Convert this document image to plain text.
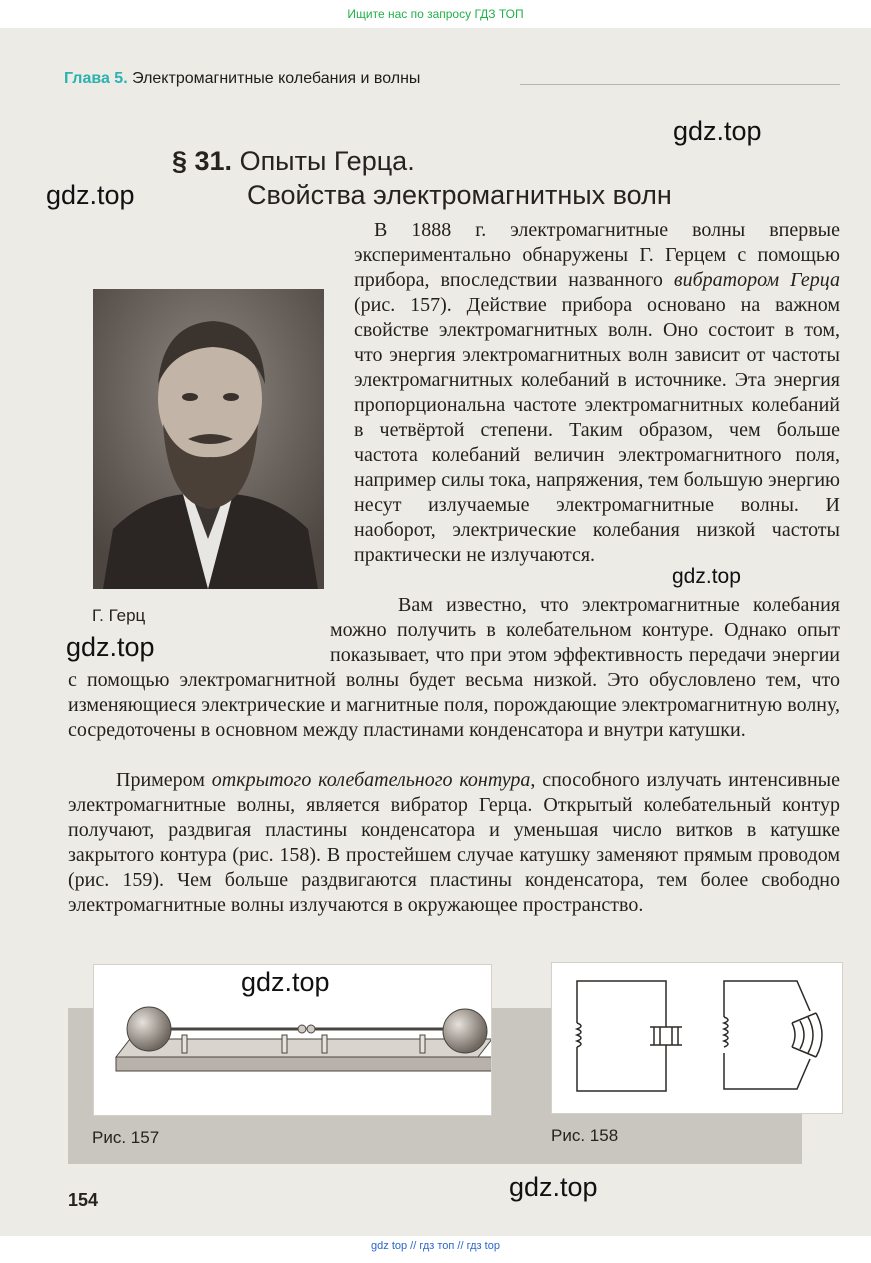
Ищите нас по запросу ГДЗ ТОП
Глава 5. Электромагнитные колебания и волны
§ 31. Опыты Герца.
Свойства электромагнитных волн
Г. Герц
В 1888 г. электромагнитные волны впервые экспериментально обнаружены Г. Герцем с помощью прибора, впоследствии названного вибратором Герца (рис. 157). Действие прибора основано на важном свойстве электромагнитных волн. Оно состоит в том, что энергия электромагнитных волн зависит от частоты электромагнитных колебаний в источнике. Эта энергия пропорциональна частоте электромагнитных колебаний в четвёртой степени. Таким образом, чем больше частота колебаний величин электромагнитного поля, например силы тока, напряжения, тем большую энергию несут излучаемые электромагнитные волны. И наоборот, электрические колебания низкой частоты практически не излучаются.
Вам известно, что электромагнитные колебания можно получить в колебательном контуре. Однако опыт показывает, что при этом эффективность передачи энергии с помощью электромагнитной волны будет весьма низкой. Это обусловлено тем, что изменяющиеся электрические и магнитные поля, порождающие электромагнитную волну, сосредоточены в основном между пластинами конденсатора и внутри катушки.
Примером открытого колебательного контура, способного излучать интенсивные электромагнитные волны, является вибратор Герца. Открытый колебательный контур получают, раздвигая пластины конденсатора и уменьшая число витков в катушке закрытого контура (рис. 158). В простейшем случае катушку заменяют прямым проводом (рис. 159). Чем больше раздвигаются пластины конденсатора, тем более свободно электромагнитные волны излучаются в окружающее пространство.
Рис. 157	Рис. 158
154
gdz.top
gdz.top
gdz.top
gdz.top
gdz.top
gdz.top
gdz top // гдз топ // гдз top
